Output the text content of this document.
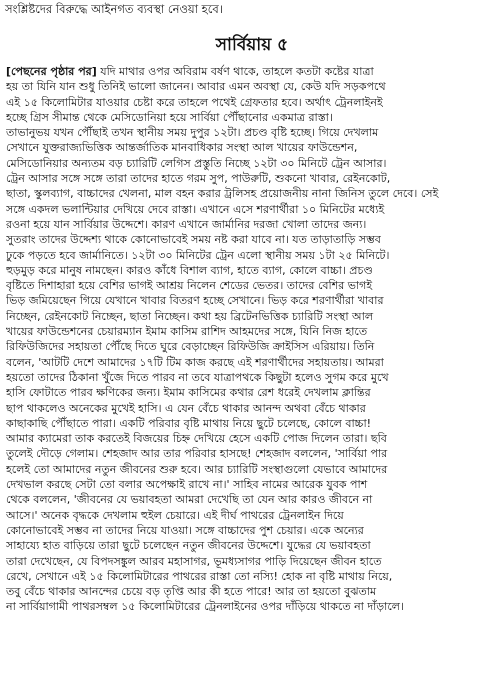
সংশ্লিষ্টদের বিরুদ্ধে আইনগত ব্যবস্থা নেওয়া হবে।
সার্বিয়ায় ৫
[পেছনের পৃষ্ঠার পর] যদি মাথার ওপর অবিরাম বর্ষণ থাকে, তাহলে কতটা কষ্টের যাত্রা
হয় তা যিনি যান শুধু তিনিই ভালো জানেন। আবার এমন অবস্থা যে, কেউ যদি সড়কপথে
এই ১৫ কিলোমিটার যাওয়ার চেষ্টা করে তাহলে পথেই গ্রেফতার হবে। অর্থাৎ ট্রেনলাইনই
হচ্ছে গ্রিস সীমান্ত থেকে মেসিডোনিয়া হয়ে সার্বিয়া পৌঁছানোর একমাত্র রাস্তা।
তাভানুভয় যখন পৌঁছাই তখন স্থানীয় সময় দুপুর ১২টা। প্রচণ্ড বৃষ্টি হচ্ছে। গিয়ে দেখলাম
সেখানে যুক্তরাজ্যভিত্তিক আন্তর্জাতিক মানবাধিকার সংস্থা আল খায়ের ফাউন্ডেশন,
মেসিডোনিয়ার অন্যতম বড় চ্যারিটি লেগিস প্রস্তুতি নিচ্ছে ১২টা ৩০ মিনিটে ট্রেন আসার।
ট্রেন আসার সঙ্গে সঙ্গে তারা তাদের হাতে গরম সুপ, পাউরুটি, শুকনো খাবার, রেইনকোট,
ছাতা, স্কুলব্যাগ, বাচ্চাদের খেলনা, মাল বহন করার ট্রলিসহ প্রয়োজনীয় নানা জিনিস তুলে দেবে। সেই
সঙ্গে একদল ভলান্টিয়ার দেখিয়ে দেবে রাস্তা। এখানে এসে শরণার্থীরা ১০ মিনিটের মধ্যেই
রওনা হয়ে যান সার্বিয়ার উদ্দেশে। কারণ এখানে জার্মানির দরজা খোলা তাদের জন্য।
সুতরাং তাদের উদ্দেশ্য থাকে কোনোভাবেই সময় নষ্ট করা যাবে না। যত তাড়াতাড়ি সম্ভব
ঢুকে পড়তে হবে জার্মানিতে। ১২টা ৩০ মিনিটের ট্রেন এলো স্থানীয় সময় ১টা ২৫ মিনিটে।
হুড়মুড় করে মানুষ নামছেন। কারও কাঁধে বিশাল ব্যাগ, হাতে ব্যাগ, কোলে বাচ্চা। প্রচণ্ড
বৃষ্টিতে দিশাহারা হয়ে বেশির ভাগই আশ্রয় নিলেন শেডের ভেতর। তাদের বেশির ভাগই
ভিড় জমিয়েছেন গিয়ে যেখানে খাবার বিতরণ হচ্ছে সেখানে। ভিড় করে শরণার্থীরা খাবার
নিচ্ছেন, রেইনকোট নিচ্ছেন, ছাতা নিচ্ছেন। কথা হয় ব্রিটেনভিত্তিক চ্যারিটি সংস্থা আল
খায়ের ফাউন্ডেশনের চেয়ারম্যান ইমাম কাসিম রাশিদ আহমদের সঙ্গে, যিনি নিজ হাতে
রিফিউজিদের সহায়তা পৌঁছে দিতে ঘুরে বেড়াচ্ছেন রিফিউজি ক্রাইসিস এরিয়ায়। তিনি
বলেন, 'আটটি দেশে আমাদের ১৭টি টিম কাজ করছে এই শরণার্থীদের সহায়তায়। আমরা
হয়তো তাদের ঠিকানা খুঁজে দিতে পারব না তবে যাত্রাপথকে কিছুটা হলেও সুগম করে মুখে
হাসি ফোটাতে পারব ক্ষণিকের জন্য। ইমাম কাসিমের কথার রেশ ধরেই দেখলাম ক্লান্তির
ছাপ থাকলেও অনেকের মুখেই হাসি। এ যেন বেঁচে থাকার আনন্দ অথবা বেঁচে থাকার
কাছাকাছি পৌঁছাতে পারা। একটি পরিবার বৃষ্টি মাথায় নিয়ে ছুটে চলেছে, কোলে বাচ্চা!
আমার ক্যামেরা তাক করতেই বিজয়ের চিহ্ন দেখিয়ে হেসে একটি পোজ দিলেন তারা। ছবি
তুলেই দৌড়ে গেলাম। শেহজাদ আর তার পরিবার হাসছে! শেহজাদ বললেন, 'সার্বিয়া পার
হলেই তো আমাদের নতুন জীবনের শুরু হবে। আর চ্যারিটি সংস্থাগুলো যেভাবে আমাদের
দেখভাল করছে সেটা তো বলার অপেক্ষাই রাখে না।' সাহিব নামের আরেক যুবক পাশ
থেকে বললেন, 'জীবনের যে ভয়াবহতা আমরা দেখেছি তা যেন আর কারও জীবনে না
আসে।' অনেক বৃদ্ধকে দেখলাম হুইল চেয়ারে। এই দীর্ঘ পাথরের ট্রেনলাইন দিয়ে
কোনোভাবেই সম্ভব না তাদের নিয়ে যাওয়া। সঙ্গে বাচ্চাদের পুশ চেয়ার। একে অন্যের
সাহায্যে হাত বাড়িয়ে তারা ছুটে চলেছেন নতুন জীবনের উদ্দেশে। যুদ্ধের যে ভয়াবহতা
তারা দেখেছেন, যে বিপদসঙ্কুল আরব মহাসাগর, ভূমধ্যসাগর পাড়ি দিয়েছেন জীবন হাতে
রেখে, সেখানে এই ১৫ কিলোমিটারের পাথরের রাস্তা তো নস্যি! হোক না বৃষ্টি মাথায় নিয়ে,
তবু বেঁচে থাকার আনন্দের চেয়ে বড় তৃপ্তি আর কী হতে পারে! আর তা হয়তো বুঝতাম
না সার্বিয়াগামী পাথরসম্বল ১৫ কিলোমিটারের ট্রেনলাইনের ওপর দাঁড়িয়ে থাকতে না দাঁড়ালে।
